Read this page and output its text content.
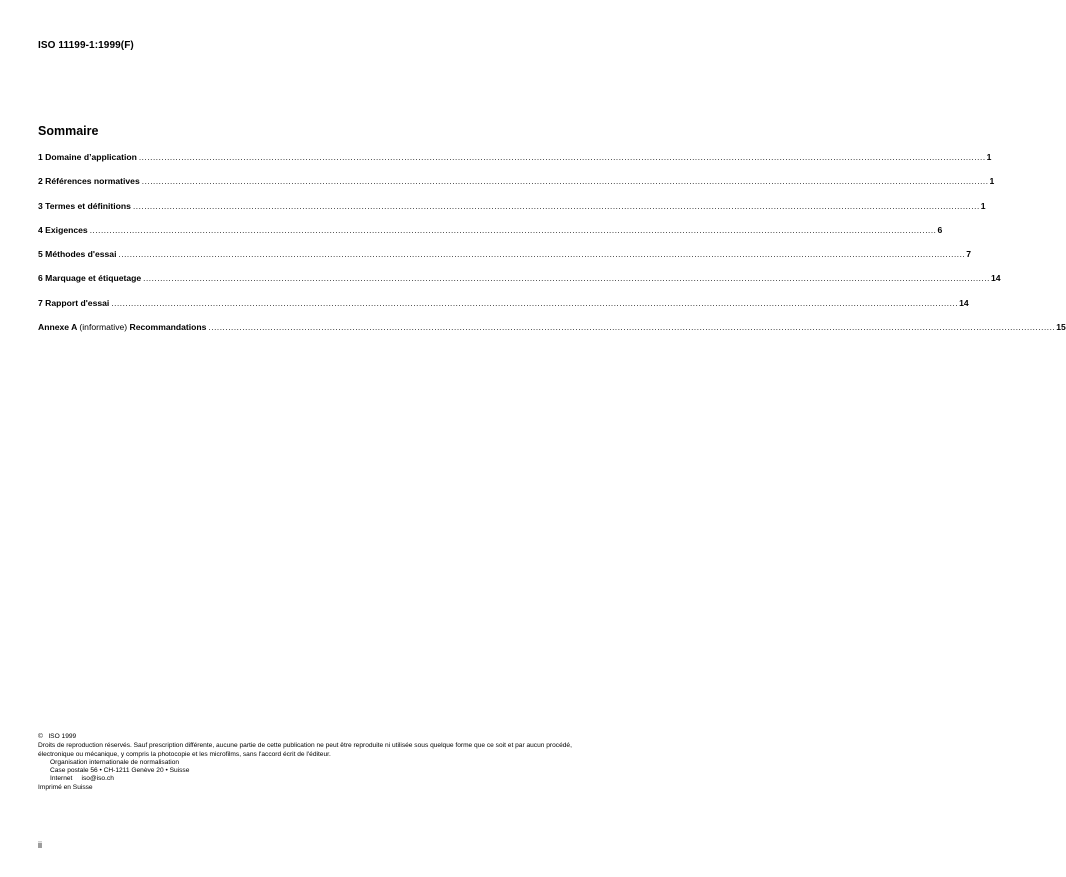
ISO 11199-1:1999(F)
Sommaire
1 Domaine d’application ............................................................................................................................................................................................................................................................................................................ 1
2 Références normatives ............................................................................................................................................................................................................................................................................................................ 1
3 Termes et définitions ............................................................................................................................................................................................................................................................................................................ 1
4 Exigences ............................................................................................................................................................................................................................................................................................................ 6
5 Méthodes d'essai ............................................................................................................................................................................................................................................................................................................ 7
6 Marquage et étiquetage ............................................................................................................................................................................................................................................................................................................ 14
7 Rapport d'essai ............................................................................................................................................................................................................................................................................................................ 14
Annexe A (informative) Recommandations ............................................................................................................................................................................................................................................................................................................ 15

©   ISO 1999

Droits de reproduction réservés. Sauf prescription différente, aucune partie de cette publication ne peut être reproduite ni utilisée sous quelque forme que ce soit et par aucun procédé, électronique ou mécanique, y compris la photocopie et les microfilms, sans l'accord écrit de l'éditeur.

Organisation internationale de normalisation

Case postale 56 • CH-1211 Genève 20 • Suisse

Internet     iso@iso.ch

Imprimé en Suisse

ii
